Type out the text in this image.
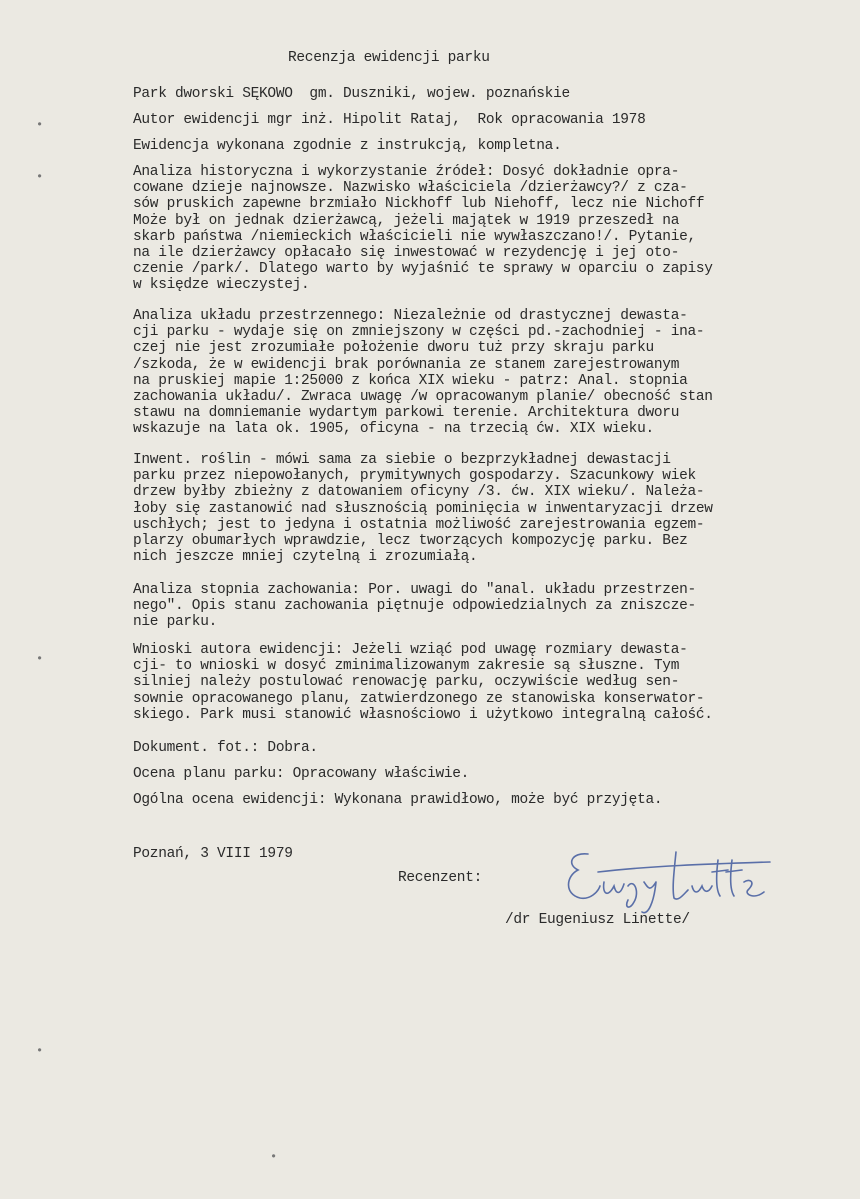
•
•
•
•
•
Recenzja ewidencji parku
Park dworski SĘKOWO  gm. Duszniki, wojew. poznańskie
Autor ewidencji mgr inż. Hipolit Rataj,  Rok opracowania 1978
Ewidencja wykonana zgodnie z instrukcją, kompletna.
Analiza historyczna i wykorzystanie źródeł: Dosyć dokładnie opra-
cowane dzieje najnowsze. Nazwisko właściciela /dzierżawcy?/ z cza-
sów pruskich zapewne brzmiało Nickhoff lub Niehoff, lecz nie Nichoff
Może był on jednak dzierżawcą, jeżeli majątek w 1919 przeszedł na
skarb państwa /niemieckich właścicieli nie wywłaszczano!/. Pytanie,
na ile dzierżawcy opłacało się inwestować w rezydencję i jej oto-
czenie /park/. Dlatego warto by wyjaśnić te sprawy w oparciu o zapisy
w księdze wieczystej.
Analiza układu przestrzennego: Niezależnie od drastycznej dewasta-
cji parku - wydaje się on zmniejszony w części pd.-zachodniej - ina-
czej nie jest zrozumiałe położenie dworu tuż przy skraju parku
/szkoda, że w ewidencji brak porównania ze stanem zarejestrowanym
na pruskiej mapie 1:25000 z końca XIX wieku - patrz: Anal. stopnia
zachowania układu/. Zwraca uwagę /w opracowanym planie/ obecność stan
stawu na domniemanie wydartym parkowi terenie. Architektura dworu
wskazuje na lata ok. 1905, oficyna - na trzecią ćw. XIX wieku.
Inwent. roślin - mówi sama za siebie o bezprzykładnej dewastacji
parku przez niepowołanych, prymitywnych gospodarzy. Szacunkowy wiek
drzew byłby zbieżny z datowaniem oficyny /3. ćw. XIX wieku/. Należa-
łoby się zastanowić nad słusznością pominięcia w inwentaryzacji drzew
uschłych; jest to jedyna i ostatnia możliwość zarejestrowania egzem-
plarzy obumarłych wprawdzie, lecz tworzących kompozycję parku. Bez
nich jeszcze mniej czytelną i zrozumiałą.
Analiza stopnia zachowania: Por. uwagi do "anal. układu przestrzen-
nego". Opis stanu zachowania piętnuje odpowiedzialnych za zniszcze-
nie parku.
Wnioski autora ewidencji: Jeżeli wziąć pod uwagę rozmiary dewasta-
cji- to wnioski w dosyć zminimalizowanym zakresie są słuszne. Tym
silniej należy postulować renowację parku, oczywiście według sen-
sownie opracowanego planu, zatwierdzonego ze stanowiska konserwator-
skiego. Park musi stanowić własnościowo i użytkowo integralną całość.
Dokument. fot.: Dobra.
Ocena planu parku: Opracowany właściwie.
Ogólna ocena ewidencji: Wykonana prawidłowo, może być przyjęta.
Poznań, 3 VIII 1979
Recenzent:
/dr Eugeniusz Linette/
